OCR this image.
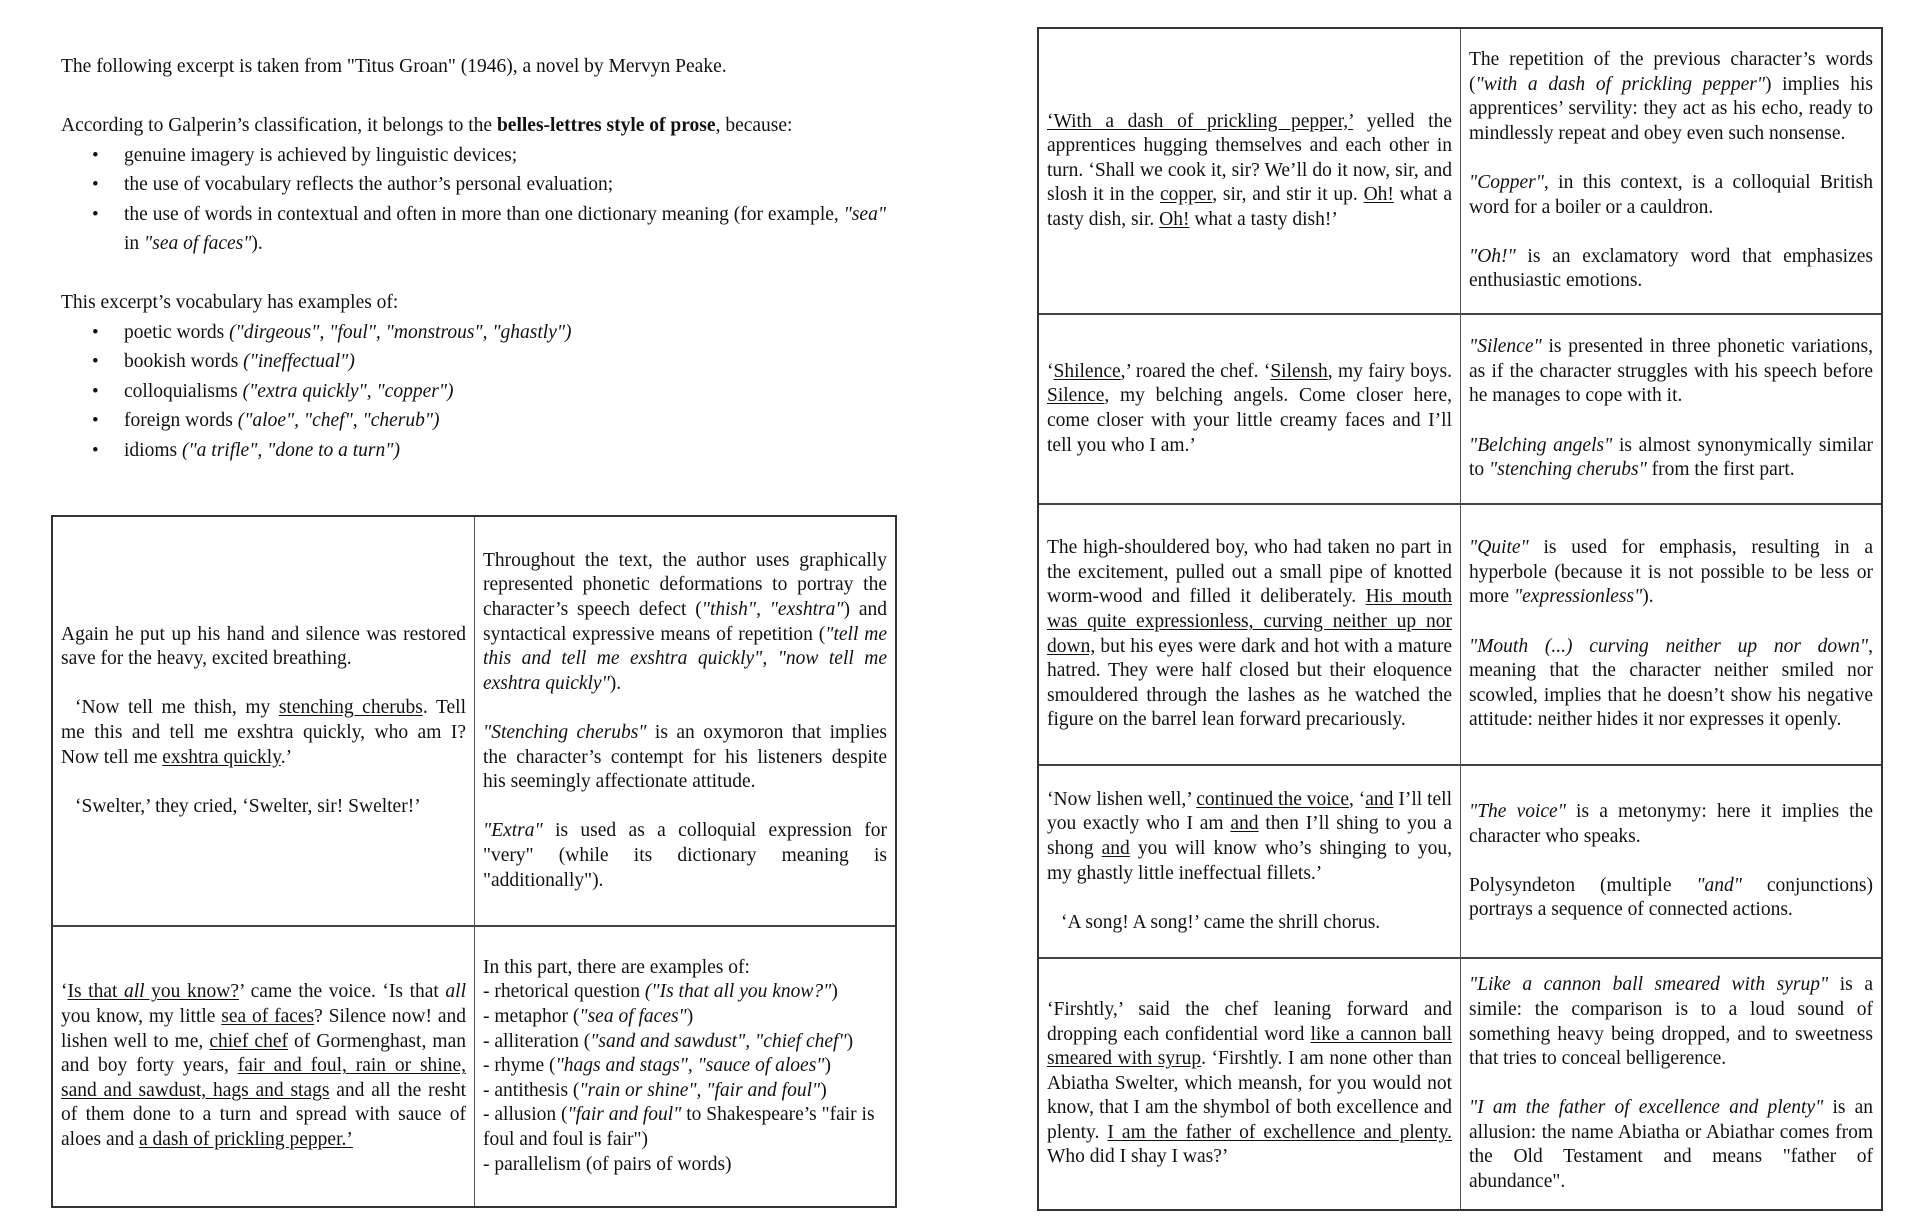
The following excerpt is taken from "Titus Groan" (1946), a novel by Mervyn Peake.

According to Galperin’s classification, it belongs to the belles-lettres style of prose, because:

• genuine imagery is achieved by linguistic devices;
• the use of vocabulary reflects the author’s personal evaluation;
• the use of words in contextual and often in more than one dictionary meaning (for example, "sea" in "sea of faces").

This excerpt’s vocabulary has examples of:

• poetic words ("dirgeous", "foul", "monstrous", "ghastly")
• bookish words ("ineffectual")
• colloquialisms ("extra quickly", "copper")
• foreign words ("aloe", "chef", "cherub")
• idioms ("a trifle", "done to a turn")

Again he put up his hand and silence was restored save for the heavy, excited breathing.

‘Now tell me thish, my stenching cherubs. Tell me this and tell me exshtra quickly, who am I? Now tell me exshtra quickly.’

‘Swelter,’ they cried, ‘Swelter, sir! Swelter!’

Throughout the text, the author uses graphically represented phonetic deformations to portray the character’s speech defect ("thish", "exshtra") and syntactical expressive means of repetition ("tell me this and tell me exshtra quickly", "now tell me exshtra quickly").

"Stenching cherubs" is an oxymoron that implies the character’s contempt for his listeners despite his seemingly affectionate attitude.

"Extra" is used as a colloquial expression for "very" (while its dictionary meaning is "additionally").

‘Is that all you know?’ came the voice. ‘Is that all you know, my little sea of faces? Silence now! and lishen well to me, chief chef of Gormenghast, man and boy forty years, fair and foul, rain or shine, sand and sawdust, hags and stags and all the resht of them done to a turn and spread with sauce of aloes and a dash of prickling pepper.’

In this part, there are examples of:

- rhetorical question ("Is that all you know?")

- metaphor ("sea of faces")

- alliteration ("sand and sawdust", "chief chef")

- rhyme ("hags and stags", "sauce of aloes")

- antithesis ("rain or shine", "fair and foul")

- allusion ("fair and foul" to Shakespeare’s "fair is foul and foul is fair")

- parallelism (of pairs of words)

‘With a dash of prickling pepper,’ yelled the apprentices hugging themselves and each other in turn. ‘Shall we cook it, sir? We’ll do it now, sir, and slosh it in the copper, sir, and stir it up. Oh! what a tasty dish, sir. Oh! what a tasty dish!’

The repetition of the previous character’s words ("with a dash of prickling pepper") implies his apprentices’ servility: they act as his echo, ready to mindlessly repeat and obey even such nonsense.

"Copper", in this context, is a colloquial British word for a boiler or a cauldron.

"Oh!" is an exclamatory word that emphasizes enthusiastic emotions.

‘Shilence,’ roared the chef. ‘Silensh, my fairy boys. Silence, my belching angels. Come closer here, come closer with your little creamy faces and I’ll tell you who I am.’

"Silence" is presented in three phonetic variations, as if the character struggles with his speech before he manages to cope with it.

"Belching angels" is almost synonymically similar to "stenching cherubs" from the first part.

The high-shouldered boy, who had taken no part in the excitement, pulled out a small pipe of knotted worm-wood and filled it deliberately. His mouth was quite expressionless, curving neither up nor down, but his eyes were dark and hot with a mature hatred. They were half closed but their eloquence smouldered through the lashes as he watched the figure on the barrel lean forward precariously.

"Quite" is used for emphasis, resulting in a hyperbole (because it is not possible to be less or more "expressionless").

"Mouth (...) curving neither up nor down", meaning that the character neither smiled nor scowled, implies that he doesn’t show his negative attitude: neither hides it nor expresses it openly.

‘Now lishen well,’ continued the voice, ‘and I’ll tell you exactly who I am and then I’ll shing to you a shong and you will know who’s shinging to you, my ghastly little ineffectual fillets.’

‘A song! A song!’ came the shrill chorus.

"The voice" is a metonymy: here it implies the character who speaks.

Polysyndeton (multiple "and" conjunctions) portrays a sequence of connected actions.

‘Firshtly,’ said the chef leaning forward and dropping each confidential word like a cannon ball smeared with syrup. ‘Firshtly. I am none other than Abiatha Swelter, which meansh, for you would not know, that I am the shymbol of both excellence and plenty. I am the father of exchellence and plenty. Who did I shay I was?’

"Like a cannon ball smeared with syrup" is a simile: the comparison is to a loud sound of something heavy being dropped, and to sweetness that tries to conceal belligerence.

"I am the father of excellence and plenty" is an allusion: the name Abiatha or Abiathar comes from the Old Testament and means "father of abundance".
